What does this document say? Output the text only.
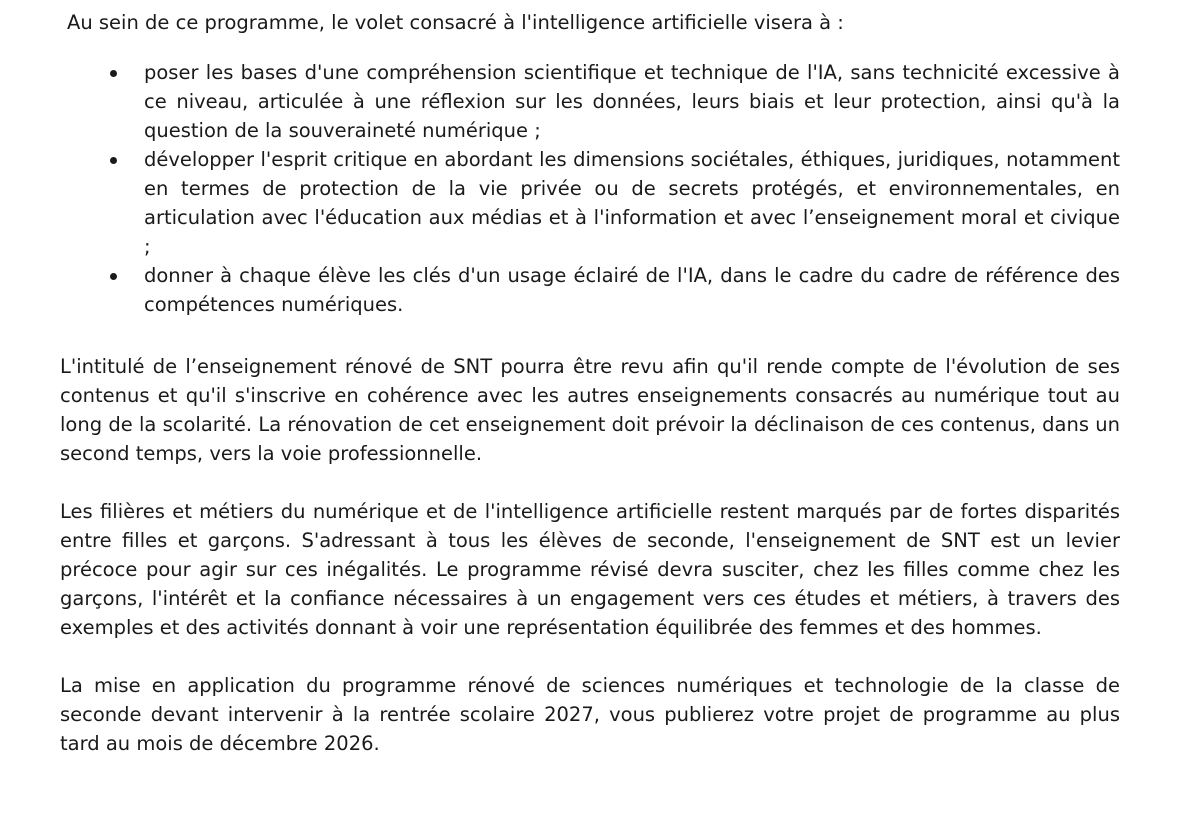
Au sein de ce programme, le volet consacré à l'intelligence artificielle visera à :

poser les bases d'une compréhension scientifique et technique de l'IA, sans technicité excessive à ce niveau, articulée à une réflexion sur les données, leurs biais et leur protection, ainsi qu'à la question de la souveraineté numérique ;
développer l'esprit critique en abordant les dimensions sociétales, éthiques, juridiques, notamment en termes de protection de la vie privée ou de secrets protégés, et environnementales, en articulation avec l'éducation aux médias et à l'information et avec l’enseignement moral et civique ;
donner à chaque élève les clés d'un usage éclairé de l'IA, dans le cadre du cadre de référence des compétences numériques.

L'intitulé de l’enseignement rénové de SNT pourra être revu afin qu'il rende compte de l'évolution de ses contenus et qu'il s'inscrive en cohérence avec les autres enseignements consacrés au numérique tout au long de la scolarité. La rénovation de cet enseignement doit prévoir la déclinaison de ces contenus, dans un second temps, vers la voie professionnelle.

Les filières et métiers du numérique et de l'intelligence artificielle restent marqués par de fortes disparités entre filles et garçons. S'adressant à tous les élèves de seconde, l'enseignement de SNT est un levier précoce pour agir sur ces inégalités. Le programme révisé devra susciter, chez les filles comme chez les garçons, l'intérêt et la confiance nécessaires à un engagement vers ces études et métiers, à travers des exemples et des activités donnant à voir une représentation équilibrée des femmes et des hommes.

La mise en application du programme rénové de sciences numériques et technologie de la classe de seconde devant intervenir à la rentrée scolaire 2027, vous publierez votre projet de programme au plus tard au mois de décembre 2026.
